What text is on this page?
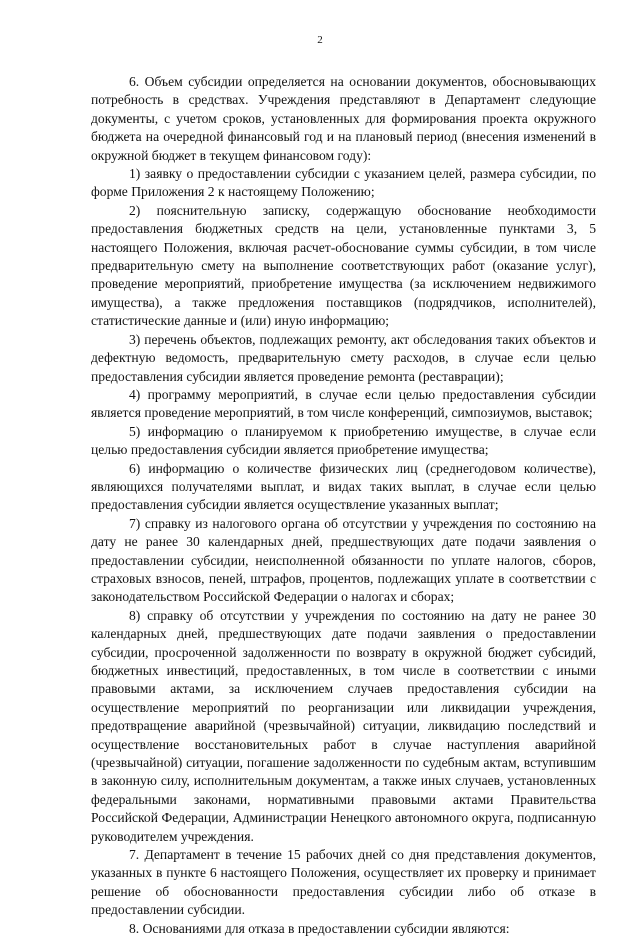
2

6. Объем субсидии определяется на основании документов, обосновывающих потребность в средствах. Учреждения представляют в Департамент следующие документы, с учетом сроков, установленных для формирования проекта окружного бюджета на очередной финансовый год и на плановый период (внесения изменений в окружной бюджет в текущем финансовом году):

1) заявку о предоставлении субсидии с указанием целей, размера субсидии, по форме Приложения 2 к настоящему Положению;

2) пояснительную записку, содержащую обоснование необходимости предоставления бюджетных средств на цели, установленные пунктами 3, 5 настоящего Положения, включая расчет-обоснование суммы субсидии, в том числе предварительную смету на выполнение соответствующих работ (оказание услуг), проведение мероприятий, приобретение имущества (за исключением недвижимого имущества), а также предложения поставщиков (подрядчиков, исполнителей), статистические данные и (или) иную информацию;

3) перечень объектов, подлежащих ремонту, акт обследования таких объектов и дефектную ведомость, предварительную смету расходов, в случае если целью предоставления субсидии является проведение ремонта (реставрации);

4) программу мероприятий, в случае если целью предоставления субсидии является проведение мероприятий, в том числе конференций, симпозиумов, выставок;

5) информацию о планируемом к приобретению имуществе, в случае если целью предоставления субсидии является приобретение имущества;

6) информацию о количестве физических лиц (среднегодовом количестве), являющихся получателями выплат, и видах таких выплат, в случае если целью предоставления субсидии является осуществление указанных выплат;

7) справку из налогового органа об отсутствии у учреждения по состоянию на дату не ранее 30 календарных дней, предшествующих дате подачи заявления о предоставлении субсидии, неисполненной обязанности по уплате налогов, сборов, страховых взносов, пеней, штрафов, процентов, подлежащих уплате в соответствии с законодательством Российской Федерации о налогах и сборах;

8) справку об отсутствии у учреждения по состоянию на дату не ранее 30 календарных дней, предшествующих дате подачи заявления о предоставлении субсидии, просроченной задолженности по возврату в окружной бюджет субсидий, бюджетных инвестиций, предоставленных, в том числе в соответствии с иными правовыми актами, за исключением случаев предоставления субсидии на осуществление мероприятий по реорганизации или ликвидации учреждения, предотвращение аварийной (чрезвычайной) ситуации, ликвидацию последствий и осуществление восстановительных работ в случае наступления аварийной (чрезвычайной) ситуации, погашение задолженности по судебным актам, вступившим в законную силу, исполнительным документам, а также иных случаев, установленных федеральными законами, нормативными правовыми актами Правительства Российской Федерации, Администрации Ненецкого автономного округа, подписанную руководителем учреждения.

7. Департамент в течение 15 рабочих дней со дня представления документов, указанных в пункте 6 настоящего Положения, осуществляет их проверку и принимает решение об обоснованности предоставления субсидии либо об отказе в предоставлении субсидии.

8. Основаниями для отказа в предоставлении субсидии являются:
